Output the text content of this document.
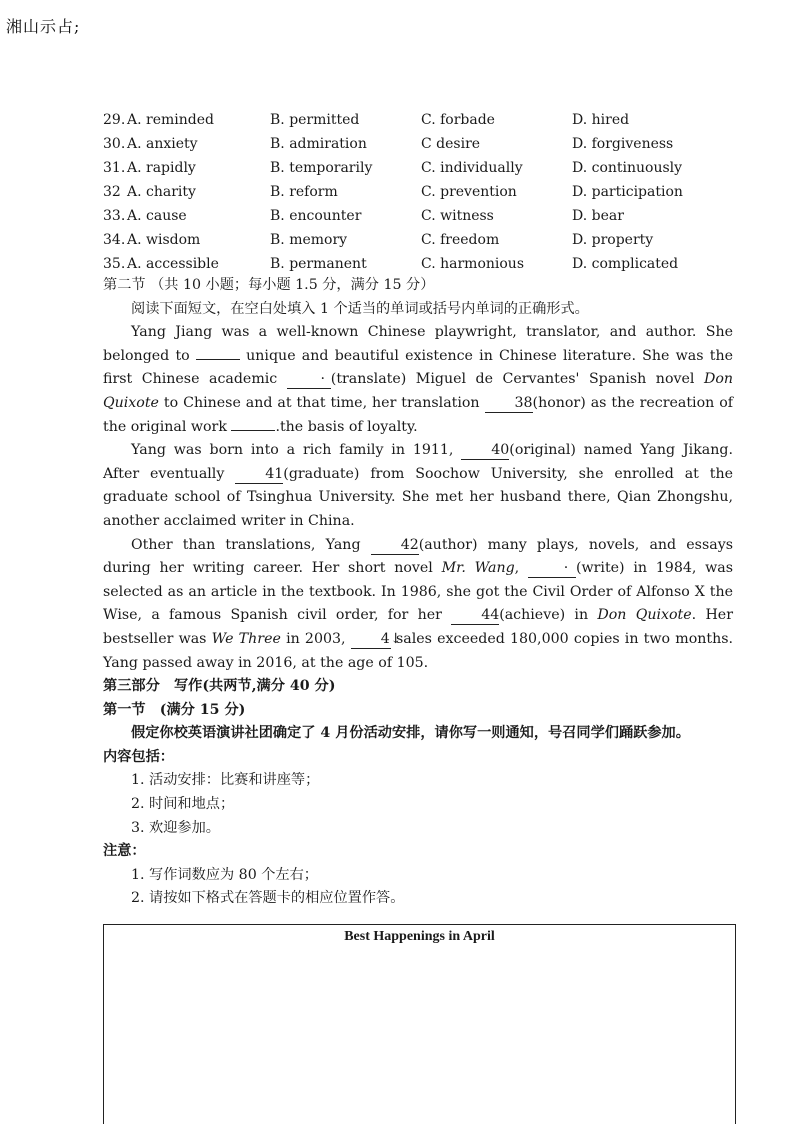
湘山示占;
29. A. reminded	B. permitted	C. forbade	D. hired
30. A. anxiety	B. admiration	C desire	D. forgiveness
31. A. rapidly	B. temporarily	C. individually	D. continuously
32 A. charity	B. reform	C. prevention	D. participation
33. A. cause	B. encounter	C. witness	D. bear
34. A. wisdom	B. memory	C. freedom	D. property
35. A. accessible	B. permanent	C. harmonious	D. complicated

第二节 （共 10 小题；每小题 1.5 分，满分 15 分）

阅读下面短文，在空白处填入 1 个适当的单词或括号内单词的正确形式。

Yang Jiang was a well-known Chinese playwright, translator, and author. She belonged to	unique and beautiful existence in Chinese literature. She was the first Chinese academic	· (translate) Miguel de Cervantes' Spanish novel Don Quixote to Chinese and at that time, her translation 38(honor) as the recreation of the original work	.the basis of loyalty.

Yang was born into a rich family in 1911,	40(original) named Yang Jikang. After eventually	41(graduate) from Soochow University, she enrolled at the graduate school of Tsinghua University. She met her husband there, Qian Zhongshu, another acclaimed writer in China.

Other than translations, Yang	42(author) many plays, novels, and essays during her writing career. Her short novel Mr. Wang,	· (write) in 1984, was selected as an article in the textbook. In 1986, she got the Civil Order of Alfonso X the Wise, a famous Spanish civil order, for her	44(achieve) in Don Quixote. Her bestseller was We Three in 2003, 4↓ sales exceeded 180,000 copies in two months. Yang passed away in 2016, at the age of 105.

第三部分　写作(共两节,满分 40 分)

第一节　(满分 15 分)

假定你校英语演讲社团确定了 4 月份活动安排，请你写一则通知，号召同学们踊跃参加。

内容包括：

1. 活动安排：比赛和讲座等；

2. 时间和地点；

3. 欢迎参加。

注意：

1. 写作词数应为 80 个左右；

2. 请按如下格式在答题卡的相应位置作答。

Best Happenings in April
